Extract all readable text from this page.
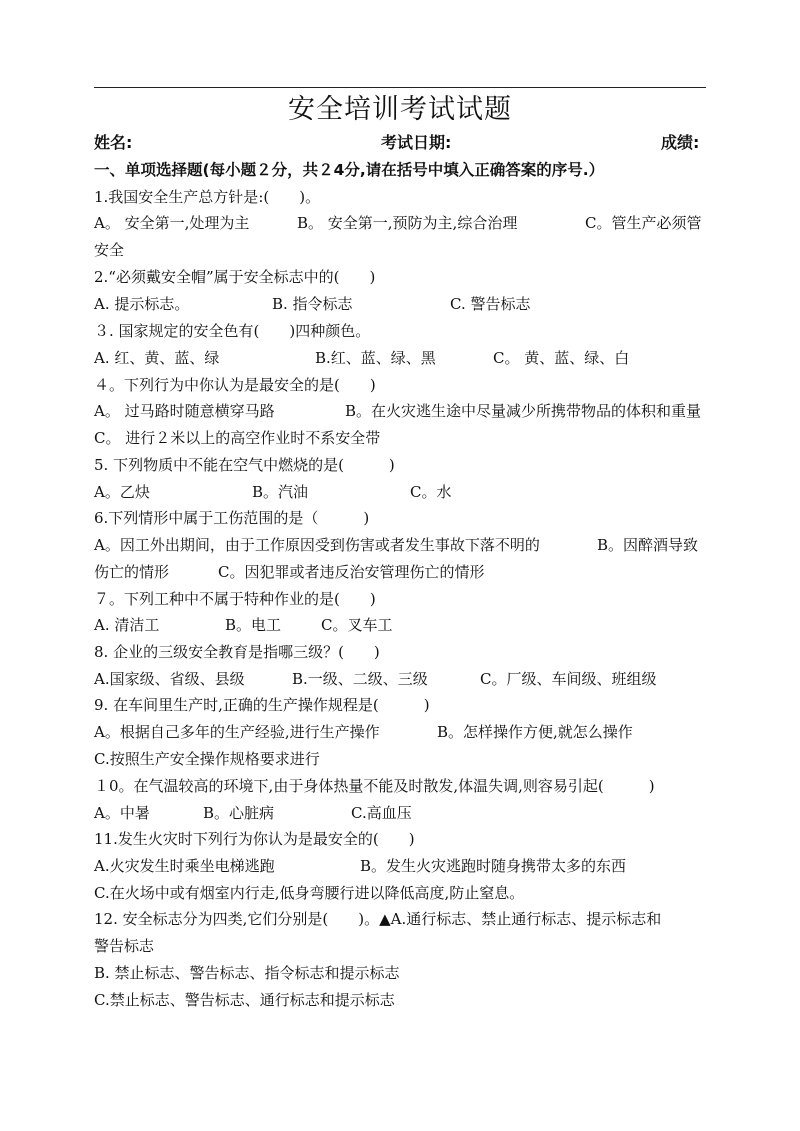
安全培训考试试题
姓名:	考试日期:	成绩:
一、单项选择题(每小题２分，共２4分,请在括号中填入正确答案的序号.）
1.我国安全生产总方针是:(　　)。
A。 安全第一,处理为主	B。 安全第一,预防为主,综合治理	C。管生产必须管
安全
2.“必须戴安全帽”属于安全标志中的(　　)
A. 提示标志。	B. 指令标志	C. 警告标志
３. 国家规定的安全色有(　　)四种颜色。
A. 红、黄、蓝、绿	B.红、蓝、绿、黑	C。 黄、蓝、绿、白
４。下列行为中你认为是最安全的是(　　)
A。 过马路时随意横穿马路	B。在火灾逃生途中尽量减少所携带物品的体积和重量
C。 进行２米以上的高空作业时不系安全带
5. 下列物质中不能在空气中燃烧的是(　　　)
A。乙炔	B。汽油	C。水
6.下列情形中属于工伤范围的是（　　　)
A。因工外出期间，由于工作原因受到伤害或者发生事故下落不明的	B。因醉酒导致
伤亡的情形	C。因犯罪或者违反治安管理伤亡的情形
７。下列工种中不属于特种作业的是(　　)
A. 清洁工	B。电工	C。叉车工
8. 企业的三级安全教育是指哪三级？(　　)
A.国家级、省级、县级	B.一级、二级、三级	C。厂级、车间级、班组级
9. 在车间里生产时,正确的生产操作规程是(　　　)
A。根据自己多年的生产经验,进行生产操作	B。怎样操作方便,就怎么操作
C.按照生产安全操作规格要求进行
１0。在气温较高的环境下,由于身体热量不能及时散发,体温失调,则容易引起(　　　)
A。中暑	B。心脏病	C.高血压
11.发生火灾时下列行为你认为是最安全的(　　)
A.火灾发生时乘坐电梯逃跑	B。发生火灾逃跑时随身携带太多的东西
C.在火场中或有烟室内行走,低身弯腰行进以降低高度,防止窒息。
12. 安全标志分为四类,它们分别是(　　)。▲A.通行标志、禁止通行标志、提示标志和
警告标志
B. 禁止标志、警告标志、指令标志和提示标志
C.禁止标志、警告标志、通行标志和提示标志
